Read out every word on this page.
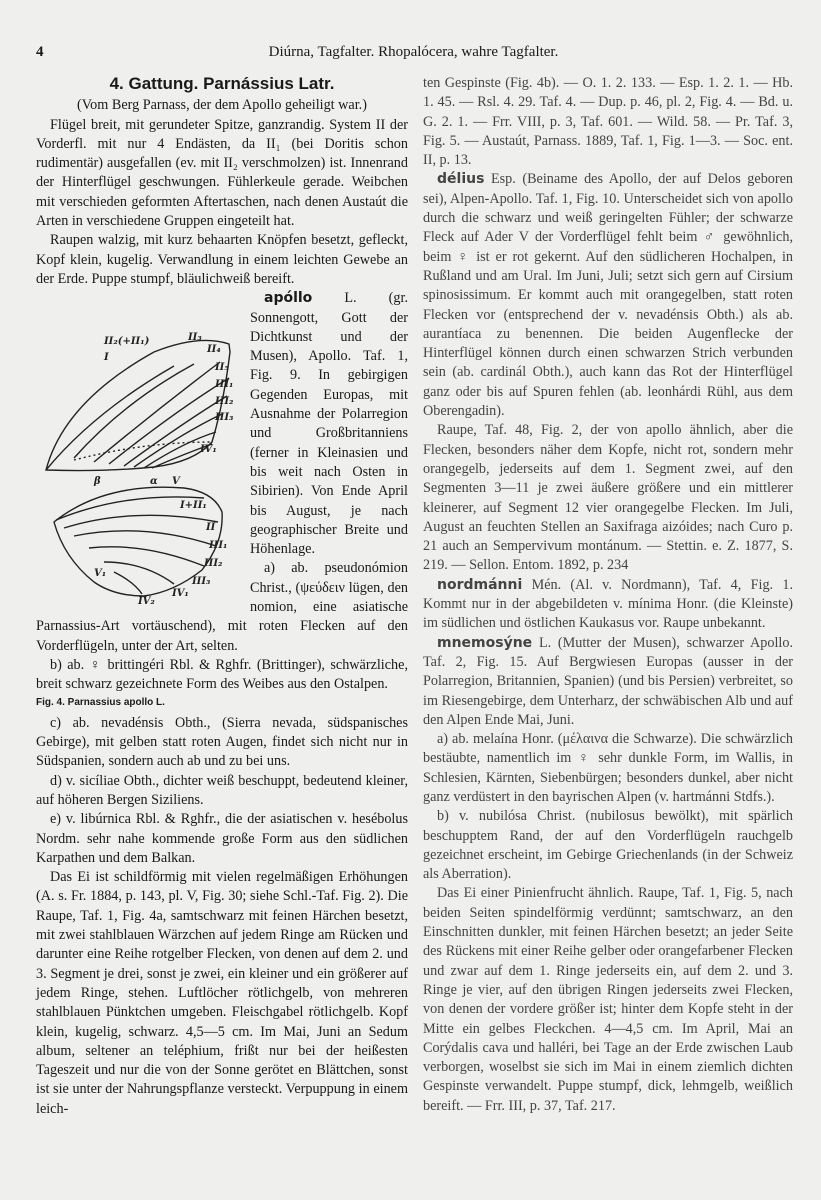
4	Diúrna, Tagfalter. Rhopalócera, wahre Tagfalter.

4. Gattung. Parnássius Latr.

(Vom Berg Parnass, der dem Apollo geheiligt war.)

Flügel breit, mit gerundeter Spitze, ganzrandig. System II der Vorderfl. mit nur 4 Endästen, da II₁ (bei Doritis schon rudimentär) ausgefallen (ev. mit II₂ verschmolzen) ist. Innenrand der Hinterflügel geschwungen. Fühlerkeule gerade. Weibchen mit verschieden geformten Aftertaschen, nach denen Austaút die Arten in verschiedene Gruppen eingeteilt hat.

Raupen walzig, mit kurz behaarten Knöpfen besetzt, gefleckt, Kopf klein, kugelig. Verwandlung in einem leichten Gewebe an der Erde. Puppe stumpf, bläulichweiß bereift.

II₂(+II₁)	II₃
II₄
I
II₅
III₁
III₂
III₃
IV₁
β	α V
I+II₁
II
III₁
III₂
III₃
IV₁
V₁
IV₂

apóllo L. (gr. Sonnengott, Gott der Dichtkunst und der Musen), Apollo. Taf. 1, Fig. 9. In gebirgigen Gegenden Europas, mit Ausnahme der Polarregion und Großbritanniens (ferner in Kleinasien und bis weit nach Osten in Sibirien). Von Ende April bis August, je nach geographischer Breite und Höhenlage.

a) ab. pseudonómion Christ., (ψεύδειν lügen, den nomion, eine asiatische Parnassius-Art vortäuschend), mit roten Flecken auf den Vorderflügeln, unter der Art, selten.

b) ab. ♀ brittingéri Rbl. & Rghfr. (Brittinger), schwärzliche, breit schwarz gezeichnete Form des Weibes aus den Ostalpen.

Fig. 4. Parnassius apollo L.

c) ab. nevadénsis Obth., (Sierra nevada, südspanisches Gebirge), mit gelben statt roten Augen, findet sich nicht nur in Südspanien, sondern auch ab und zu bei uns.

d) v. sicíliae Obth., dichter weiß beschuppt, bedeutend kleiner, auf höheren Bergen Siziliens.

e) v. libúrnica Rbl. & Rghfr., die der asiatischen v. hesébolus Nordm. sehr nahe kommende große Form aus den südlichen Karpathen und dem Balkan.

Das Ei ist schildförmig mit vielen regelmäßigen Erhöhungen (A. s. Fr. 1884, p. 143, pl. V, Fig. 30; siehe Schl.-Taf. Fig. 2). Die Raupe, Taf. 1, Fig. 4a, samtschwarz mit feinen Härchen besetzt, mit zwei stahlblauen Wärzchen auf jedem Ringe am Rücken und darunter eine Reihe rotgelber Flecken, von denen auf dem 2. und 3. Segment je drei, sonst je zwei, ein kleiner und ein größerer auf jedem Ringe, stehen. Luftlöcher rötlichgelb, von mehreren stahlblauen Pünktchen umgeben. Fleischgabel rötlichgelb. Kopf klein, kugelig, schwarz. 4,5—5 cm. Im Mai, Juni an Sedum album, seltener an teléphium, frißt nur bei der heißesten Tageszeit und nur die von der Sonne gerötet en Blättchen, sonst ist sie unter der Nahrungspflanze versteckt. Verpuppung in einem leich-

ten Gespinste (Fig. 4b). — O. 1. 2. 133. — Esp. 1. 2. 1. — Hb. 1. 45. — Rsl. 4. 29. Taf. 4. — Dup. p. 46, pl. 2, Fig. 4. — Bd. u. G. 2. 1. — Frr. VIII, p. 3, Taf. 601. — Wild. 58. — Pr. Taf. 3, Fig. 5. — Austaút, Parnass. 1889, Taf. 1, Fig. 1—3. — Soc. ent. II, p. 13.

délius Esp. (Beiname des Apollo, der auf Delos geboren sei), Alpen-Apollo. Taf. 1, Fig. 10. Unterscheidet sich von apollo durch die schwarz und weiß geringelten Fühler; der schwarze Fleck auf Ader V der Vorderflügel fehlt beim ♂ gewöhnlich, beim ♀ ist er rot gekernt. Auf den südlicheren Hochalpen, in Rußland und am Ural. Im Juni, Juli; setzt sich gern auf Cirsium spinosissimum. Er kommt auch mit orangegelben, statt roten Flecken vor (entsprechend der v. nevadénsis Obth.) als ab. aurantíaca zu benennen. Die beiden Augenflecke der Hinterflügel können durch einen schwarzen Strich verbunden sein (ab. cardinál Obth.), auch kann das Rot der Hinterflügel ganz oder bis auf Spuren fehlen (ab. leonhárdi Rühl, aus dem Oberengadin).

Raupe, Taf. 48, Fig. 2, der von apollo ähnlich, aber die Flecken, besonders näher dem Kopfe, nicht rot, sondern mehr orangegelb, jederseits auf dem 1. Segment zwei, auf den Segmenten 3—11 je zwei äußere größere und ein mittlerer kleinerer, auf Segment 12 vier orangegelbe Flecken. Im Juli, August an feuchten Stellen an Saxifraga aizóides; nach Curo p. 21 auch an Sempervivum montánum. — Stettin. e. Z. 1877, S. 219. — Sellon. Entom. 1892, p. 234

nordmánni Mén. (Al. v. Nordmann), Taf. 4, Fig. 1. Kommt nur in der abgebildeten v. mínima Honr. (die Kleinste) im südlichen und östlichen Kaukasus vor. Raupe unbekannt.

mnemosýne L. (Mutter der Musen), schwarzer Apollo. Taf. 2, Fig. 15. Auf Bergwiesen Europas (ausser in der Polarregion, Britannien, Spanien) (und bis Persien) verbreitet, so im Riesengebirge, dem Unterharz, der schwäbischen Alb und auf den Alpen Ende Mai, Juni.

a) ab. melaína Honr. (μέλαινα die Schwarze). Die schwärzlich bestäubte, namentlich im ♀ sehr dunkle Form, im Wallis, in Schlesien, Kärnten, Siebenbürgen; besonders dunkel, aber nicht ganz verdüstert in den bayrischen Alpen (v. hartmánni Stdfs.).

b) v. nubilósa Christ. (nubilosus bewölkt), mit spärlich beschupptem Rand, der auf den Vorderflügeln rauchgelb gezeichnet erscheint, im Gebirge Griechenlands (in der Schweiz als Aberration).

Das Ei einer Pinienfrucht ähnlich. Raupe, Taf. 1, Fig. 5, nach beiden Seiten spindelförmig verdünnt; samtschwarz, an den Einschnitten dunkler, mit feinen Härchen besetzt; an jeder Seite des Rückens mit einer Reihe gelber oder orangefarbener Flecken und zwar auf dem 1. Ringe jederseits ein, auf dem 2. und 3. Ringe je vier, auf den übrigen Ringen jederseits zwei Flecken, von denen der vordere größer ist; hinter dem Kopfe steht in der Mitte ein gelbes Fleckchen. 4—4,5 cm. Im April, Mai an Corýdalis cava und halléri, bei Tage an der Erde zwischen Laub verborgen, woselbst sie sich im Mai in einem ziemlich dichten Gespinste verwandelt. Puppe stumpf, dick, lehmgelb, weißlich bereift. — Frr. III, p. 37, Taf. 217.
